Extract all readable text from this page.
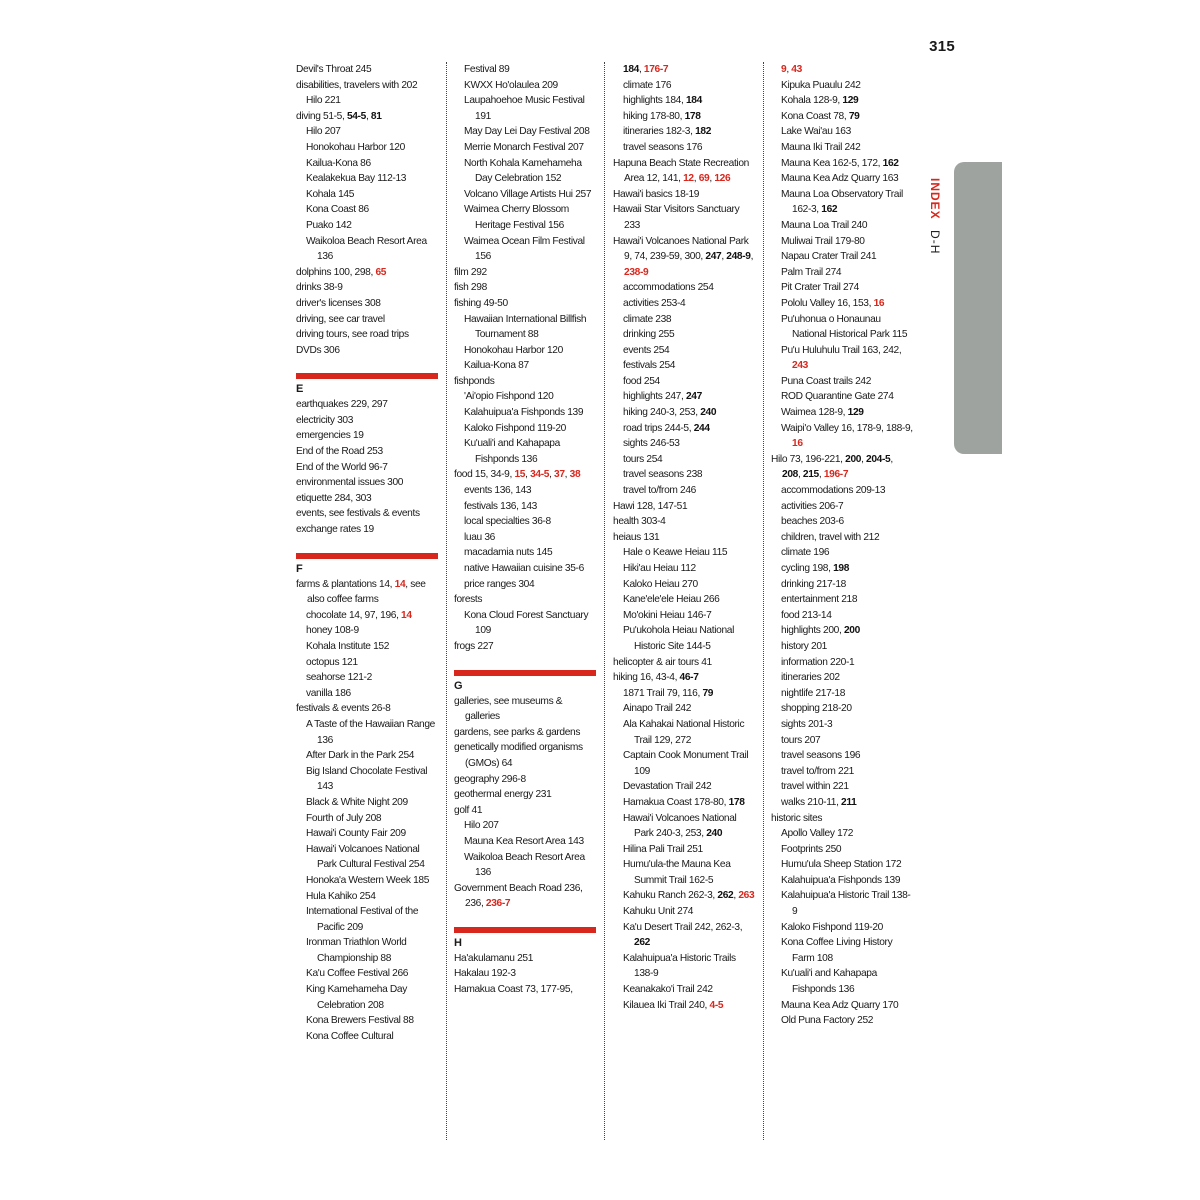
315
INDEX D-H
Devil's Throat 245
disabilities, travelers with 202
Hilo 221
diving 51-5, 54-5, 81
Hilo 207
Honokohau Harbor 120
Kailua-Kona 86
Kealakekua Bay 112-13
Kohala 145
Kona Coast 86
Puako 142
Waikoloa Beach Resort Area 136
dolphins 100, 298, 65
drinks 38-9
driver's licenses 308
driving, see car travel
driving tours, see road trips
DVDs 306
E
earthquakes 229, 297
electricity 303
emergencies 19
End of the Road 253
End of the World 96-7
environmental issues 300
etiquette 284, 303
events, see festivals & events
exchange rates 19
F
farms & plantations 14, 14, see also coffee farms
chocolate 14, 97, 196, 14
honey 108-9
Kohala Institute 152
octopus 121
seahorse 121-2
vanilla 186
festivals & events 26-8
A Taste of the Hawaiian Range 136
After Dark in the Park 254
Big Island Chocolate Festival 143
Black & White Night 209
Fourth of July 208
Hawai'i County Fair 209
Hawai'i Volcanoes National Park Cultural Festival 254
Honoka'a Western Week 185
Hula Kahiko 254
International Festival of the Pacific 209
Ironman Triathlon World Championship 88
Ka'u Coffee Festival 266
King Kamehameha Day Celebration 208
Kona Brewers Festival 88
Kona Coffee Cultural
Festival 89
KWXX Ho'olaulea 209
Laupahoehoe Music Festival 191
May Day Lei Day Festival 208
Merrie Monarch Festival 207
North Kohala Kamehameha Day Celebration 152
Volcano Village Artists Hui 257
Waimea Cherry Blossom Heritage Festival 156
Waimea Ocean Film Festival 156
film 292
fish 298
fishing 49-50
Hawaiian International Billfish Tournament 88
Honokohau Harbor 120
Kailua-Kona 87
fishponds
'Ai'opio Fishpond 120
Kalahuipua'a Fishponds 139
Kaloko Fishpond 119-20
Ku'uali'i and Kahapapa Fishponds 136
food 15, 34-9, 15, 34-5, 37, 38
events 136, 143
festivals 136, 143
local specialties 36-8
luau 36
macadamia nuts 145
native Hawaiian cuisine 35-6
price ranges 304
forests
Kona Cloud Forest Sanctuary 109
frogs 227
G
galleries, see museums & galleries
gardens, see parks & gardens
genetically modified organisms (GMOs) 64
geography 296-8
geothermal energy 231
golf 41
Hilo 207
Mauna Kea Resort Area 143
Waikoloa Beach Resort Area 136
Government Beach Road 236, 236, 236-7
H
Ha'akulamanu 251
Hakalau 192-3
Hamakua Coast 73, 177-95,
184, 176-7
climate 176
highlights 184, 184
hiking 178-80, 178
itineraries 182-3, 182
travel seasons 176
Hapuna Beach State Recreation Area 12, 141, 12, 69, 126
Hawai'i basics 18-19
Hawaii Star Visitors Sanctuary 233
Hawai'i Volcanoes National Park 9, 74, 239-59, 300, 247, 248-9, 238-9
accommodations 254
activities 253-4
climate 238
drinking 255
events 254
festivals 254
food 254
highlights 247, 247
hiking 240-3, 253, 240
road trips 244-5, 244
sights 246-53
tours 254
travel seasons 238
travel to/from 246
Hawi 128, 147-51
health 303-4
heiaus 131
Hale o Keawe Heiau 115
Hiki'au Heiau 112
Kaloko Heiau 270
Kane'ele'ele Heiau 266
Mo'okini Heiau 146-7
Pu'ukohola Heiau National Historic Site 144-5
helicopter & air tours 41
hiking 16, 43-4, 46-7
1871 Trail 79, 116, 79
Ainapo Trail 242
Ala Kahakai National Historic Trail 129, 272
Captain Cook Monument Trail 109
Devastation Trail 242
Hamakua Coast 178-80, 178
Hawai'i Volcanoes National Park 240-3, 253, 240
Hilina Pali Trail 251
Humu'ula-the Mauna Kea Summit Trail 162-5
Kahuku Ranch 262-3, 262, 263
Kahuku Unit 274
Ka'u Desert Trail 242, 262-3, 262
Kalahuipua'a Historic Trails 138-9
Keanakako'i Trail 242
Kilauea Iki Trail 240, 4-5
9, 43
Kipuka Puaulu 242
Kohala 128-9, 129
Kona Coast 78, 79
Lake Wai'au 163
Mauna Iki Trail 242
Mauna Kea 162-5, 172, 162
Mauna Kea Adz Quarry 163
Mauna Loa Observatory Trail 162-3, 162
Mauna Loa Trail 240
Muliwai Trail 179-80
Napau Crater Trail 241
Palm Trail 274
Pit Crater Trail 274
Pololu Valley 16, 153, 16
Pu'uhonua o Honaunau National Historical Park 115
Pu'u Huluhulu Trail 163, 242, 243
Puna Coast trails 242
ROD Quarantine Gate 274
Waimea 128-9, 129
Waipi'o Valley 16, 178-9, 188-9, 16
Hilo 73, 196-221, 200, 204-5, 208, 215, 196-7
accommodations 209-13
activities 206-7
beaches 203-6
children, travel with 212
climate 196
cycling 198, 198
drinking 217-18
entertainment 218
food 213-14
highlights 200, 200
history 201
information 220-1
itineraries 202
nightlife 217-18
shopping 218-20
sights 201-3
tours 207
travel seasons 196
travel to/from 221
travel within 221
walks 210-11, 211
historic sites
Apollo Valley 172
Footprints 250
Humu'ula Sheep Station 172
Kalahuipua'a Fishponds 139
Kalahuipua'a Historic Trail 138-9
Kaloko Fishpond 119-20
Kona Coffee Living History Farm 108
Ku'uali'i and Kahapapa Fishponds 136
Mauna Kea Adz Quarry 170
Old Puna Factory 252
